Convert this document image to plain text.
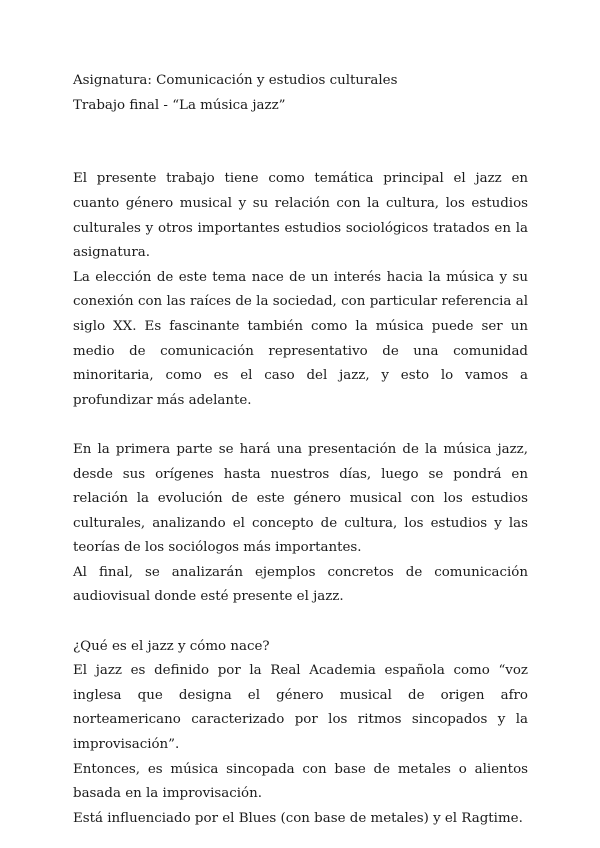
Asignatura: Comunicación y estudios culturales

Trabajo final - “La música jazz”

El presente trabajo tiene como temática principal el jazz en cuanto género musical y su relación con la cultura, los estudios culturales y otros importantes estudios sociológicos tratados en la asignatura.

La elección de este tema nace de un interés hacia la música y su conexión con las raíces de la sociedad, con particular referencia al siglo XX. Es fascinante también como la música puede ser un medio de comunicación representativo de una comunidad minoritaria, como es el caso del jazz, y esto lo vamos a profundizar más adelante.

En la primera parte se hará una presentación de la música jazz, desde sus orígenes hasta nuestros días, luego se pondrá en relación la evolución de este género musical con los estudios culturales, analizando el concepto de cultura, los estudios y las teorías de los sociólogos más importantes.

Al final, se analizarán ejemplos concretos de comunicación audiovisual donde esté presente el jazz.

¿Qué es el jazz y cómo nace?

El jazz es definido por la Real Academia española como “voz inglesa que designa el género musical de origen afro norteamericano caracterizado por los ritmos sincopados y la improvisación”.

Entonces, es música sincopada con base de metales o alientos basada en la improvisación.

Está influenciado por el Blues (con base de metales) y el Ragtime.
